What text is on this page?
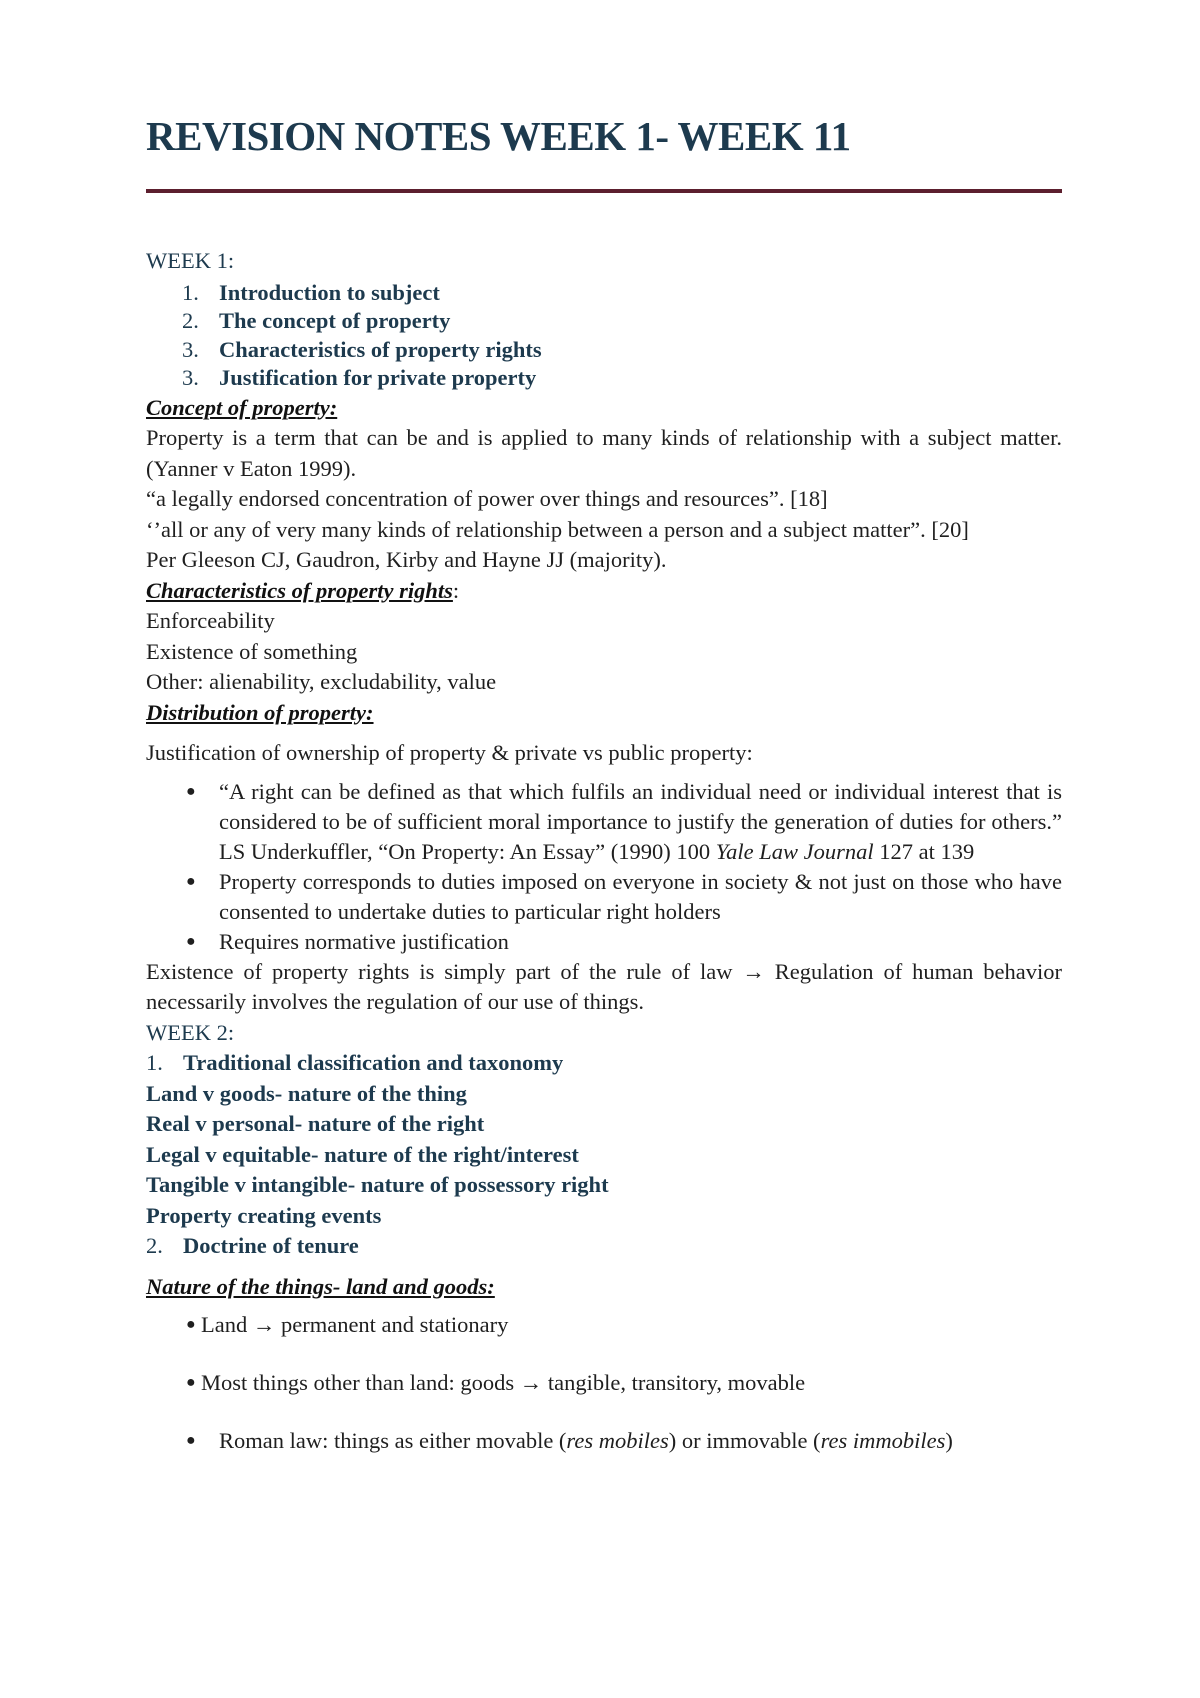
REVISION NOTES WEEK 1- WEEK 11
WEEK 1:
1. Introduction to subject
2. The concept of property
3. Characteristics of property rights
3. Justification for private property
Concept of property:
Property is a term that can be and is applied to many kinds of relationship with a subject matter. (Yanner v Eaton 1999).
“a legally endorsed concentration of power over things and resources”. [18]
‘’all or any of very many kinds of relationship between a person and a subject matter”. [20]
Per Gleeson CJ, Gaudron, Kirby and Hayne JJ (majority).
Characteristics of property rights:
Enforceability
Existence of something
Other: alienability, excludability, value
Distribution of property:
Justification of ownership of property & private vs public property:
● “A right can be defined as that which fulfils an individual need or individual interest that is considered to be of sufficient moral importance to justify the generation of duties for others.” LS Underkuffler, “On Property: An Essay” (1990) 100 Yale Law Journal 127 at 139
● Property corresponds to duties imposed on everyone in society & not just on those who have consented to undertake duties to particular right holders
● Requires normative justification
Existence of property rights is simply part of the rule of law → Regulation of human behavior necessarily involves the regulation of our use of things.
WEEK 2:
1. Traditional classification and taxonomy
Land v goods- nature of the thing
Real v personal- nature of the right
Legal v equitable- nature of the right/interest
Tangible v intangible- nature of possessory right
Property creating events
2. Doctrine of tenure
Nature of the things- land and goods:
● Land → permanent and stationary
● Most things other than land: goods → tangible, transitory, movable
● Roman law: things as either movable (res mobiles) or immovable (res immobiles)
